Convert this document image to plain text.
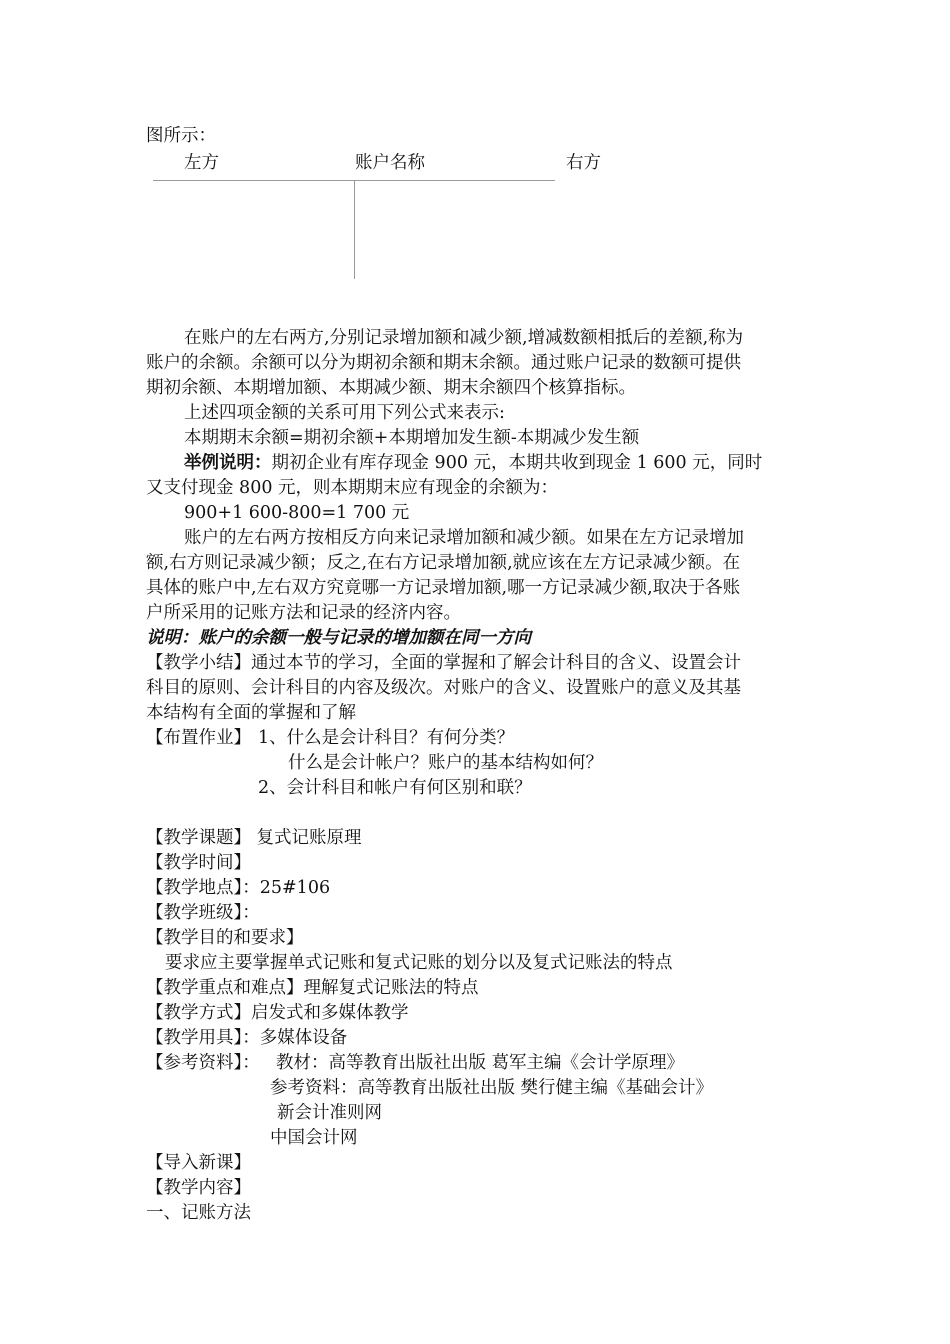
图所示：
左方	账户名称	右方
在账户的左右两方,分别记录增加额和减少额,增减数额相抵后的差额,称为
账户的余额。余额可以分为期初余额和期末余额。通过账户记录的数额可提供
期初余额、本期增加额、本期减少额、期末余额四个核算指标。
上述四项金额的关系可用下列公式来表示:
本期期末余额=期初余额+本期增加发生额-本期减少发生额
举例说明：期初企业有库存现金 900 元，本期共收到现金 1 600 元，同时
又支付现金 800 元，则本期期末应有现金的余额为：
900+1 600-800=1 700 元
账户的左右两方按相反方向来记录增加额和减少额。如果在左方记录增加
额,右方则记录减少额；反之,在右方记录增加额,就应该在左方记录减少额。在
具体的账户中,左右双方究竟哪一方记录增加额,哪一方记录减少额,取决于各账
户所采用的记账方法和记录的经济内容。
说明：账户的余额一般与记录的增加额在同一方向
【教学小结】通过本节的学习，全面的掌握和了解会计科目的含义、设置会计
科目的原则、会计科目的内容及级次。对账户的含义、设置账户的意义及其基
本结构有全面的掌握和了解
【布置作业】 1、什么是会计科目？有何分类？
什么是会计帐户？账户的基本结构如何？
2、会计科目和帐户有何区别和联？
【教学课题】 复式记账原理
【教学时间】
【教学地点】：25#106
【教学班级】：
【教学目的和要求】
要求应主要掌握单式记账和复式记账的划分以及复式记账法的特点
【教学重点和难点】理解复式记账法的特点
【教学方式】启发式和多媒体教学
【教学用具】：多媒体设备
【参考资料】： 教材：高等教育出版社出版 葛军主编《会计学原理》
参考资料：高等教育出版社出版 樊行健主编《基础会计》
新会计准则网
中国会计网
【导入新课】
【教学内容】
一、记账方法
